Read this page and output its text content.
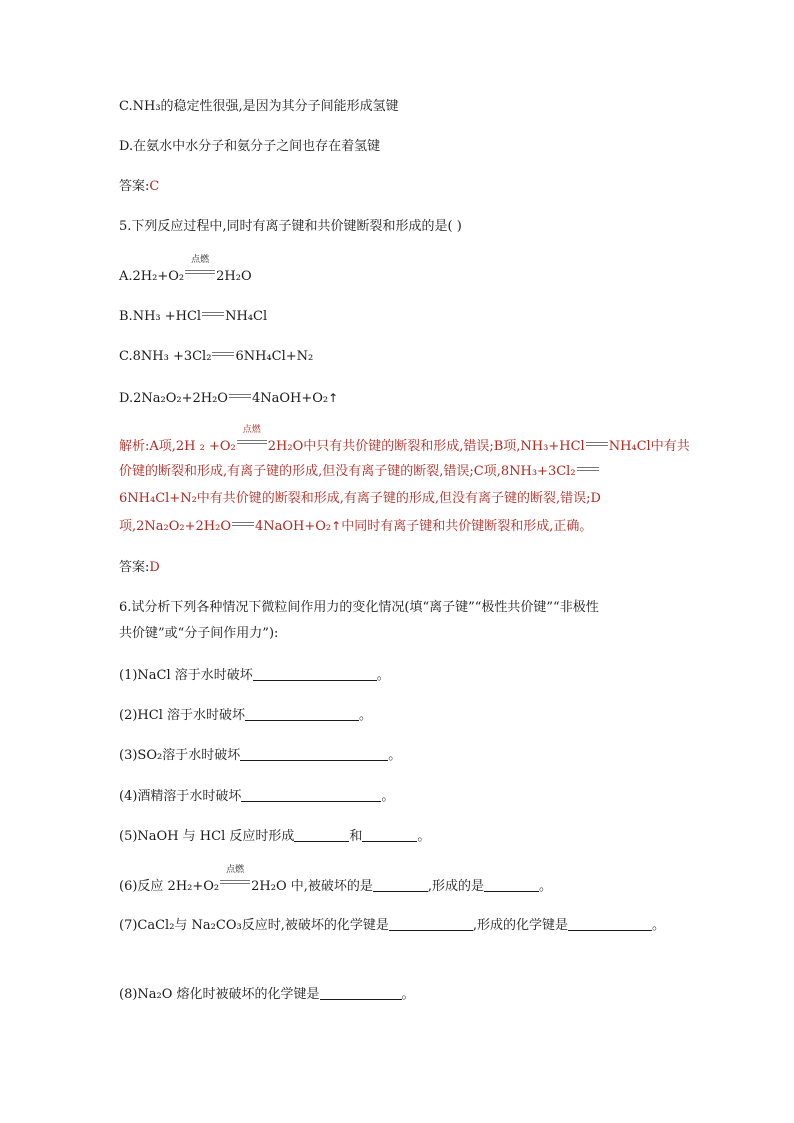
C.NH₃的稳定性很强,是因为其分子间能形成氢键
D.在氨水中水分子和氨分子之间也存在着氢键
答案:C
5.下列反应过程中,同时有离子键和共价键断裂和形成的是( )
A.2H₂+O₂
点燃
2H₂O
B.NH₃ +HCl NH₄Cl
C.8NH₃ +3Cl₂ 6NH₄Cl+N₂
D.2Na₂O₂+2H₂O 4NaOH+O₂↑
解析:A项,2H ₂ +O₂
点燃
2H₂O中只有共价键的断裂和形成,错误;B项,NH₃+HCl NH₄Cl中有共
价键的断裂和形成,有离子键的形成,但没有离子键的断裂,错误;C项,8NH₃+3Cl₂
6NH₄Cl+N₂中有共价键的断裂和形成,有离子键的形成,但没有离子键的断裂,错误;D
项,2Na₂O₂+2H₂O 4NaOH+O₂↑中同时有离子键和共价键断裂和形成,正确。
答案:D
6.试分析下列各种情况下微粒间作用力的变化情况(填“离子键”“极性共价键”“非极性
共价键”或“分子间作用力”):
(1)NaCl 溶于水时破坏	。
(2)HCl 溶于水时破坏	。
(3)SO₂溶于水时破坏	。
(4)酒精溶于水时破坏	。
(5)NaOH 与 HCl 反应时形成	和	。
(6)反应 2H₂+O₂
点燃
2H₂O 中,被破坏的是	,形成的是	。
(7)CaCl₂与 Na₂CO₃反应时,被破坏的化学键是	,形成的化学键是	。
(8)Na₂O 熔化时被破坏的化学键是	。
